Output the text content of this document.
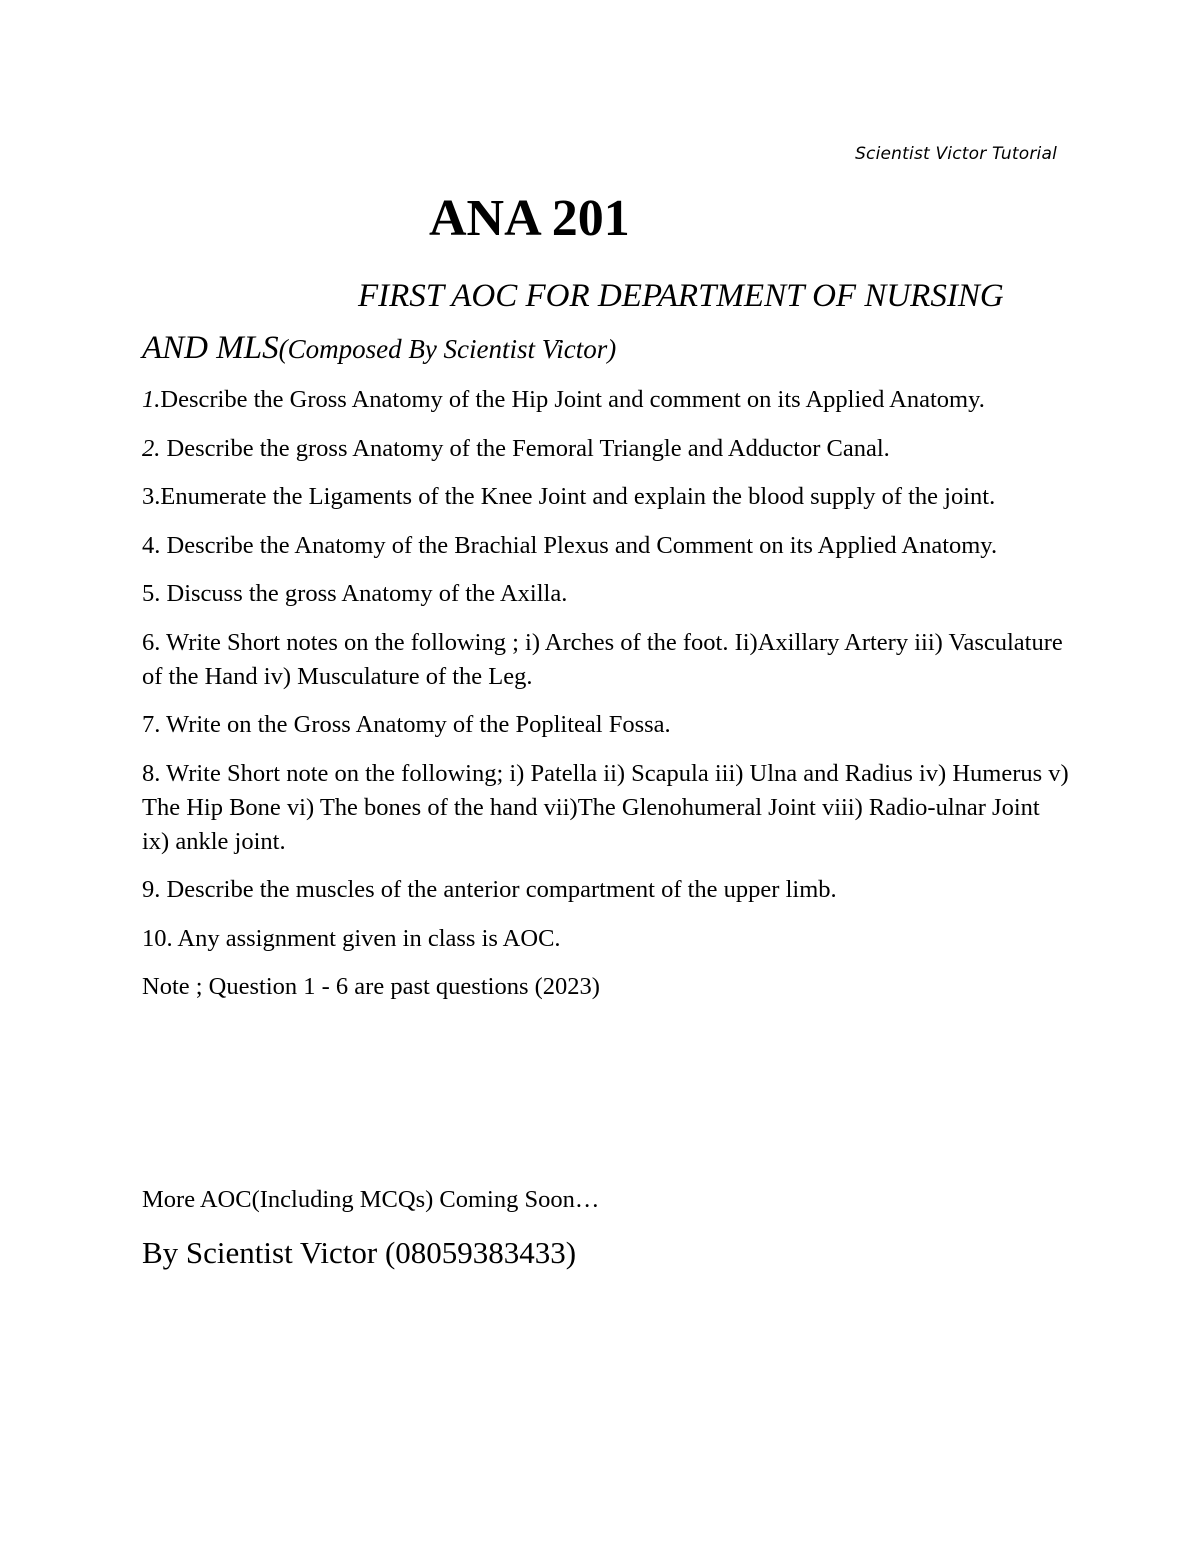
Scientist Victor Tutorial
ANA 201
FIRST AOC FOR DEPARTMENT OF NURSING AND MLS(Composed By Scientist Victor)

1.Describe the Gross Anatomy of the Hip Joint and comment on its Applied Anatomy.

2. Describe the gross Anatomy of the Femoral Triangle and Adductor Canal.

3.Enumerate the Ligaments of the Knee Joint and explain the blood supply of the joint.

4. Describe the Anatomy of the Brachial Plexus and Comment on its Applied Anatomy.

5. Discuss the gross Anatomy of the Axilla.

6. Write Short notes on the following ; i) Arches of the foot. Ii)Axillary Artery iii) Vasculature of the Hand iv) Musculature of the Leg.

7. Write on the Gross Anatomy of the Popliteal Fossa.

8. Write Short note on the following; i) Patella ii) Scapula iii) Ulna and Radius iv) Humerus v) The Hip Bone vi) The bones of the hand vii)The Glenohumeral Joint viii) Radio-ulnar Joint ix) ankle joint.

9. Describe the muscles of the anterior compartment of the upper limb.

10. Any assignment given in class is AOC.

Note ; Question 1 - 6 are past questions (2023)

More AOC(Including MCQs) Coming Soon…
By Scientist Victor (08059383433)
